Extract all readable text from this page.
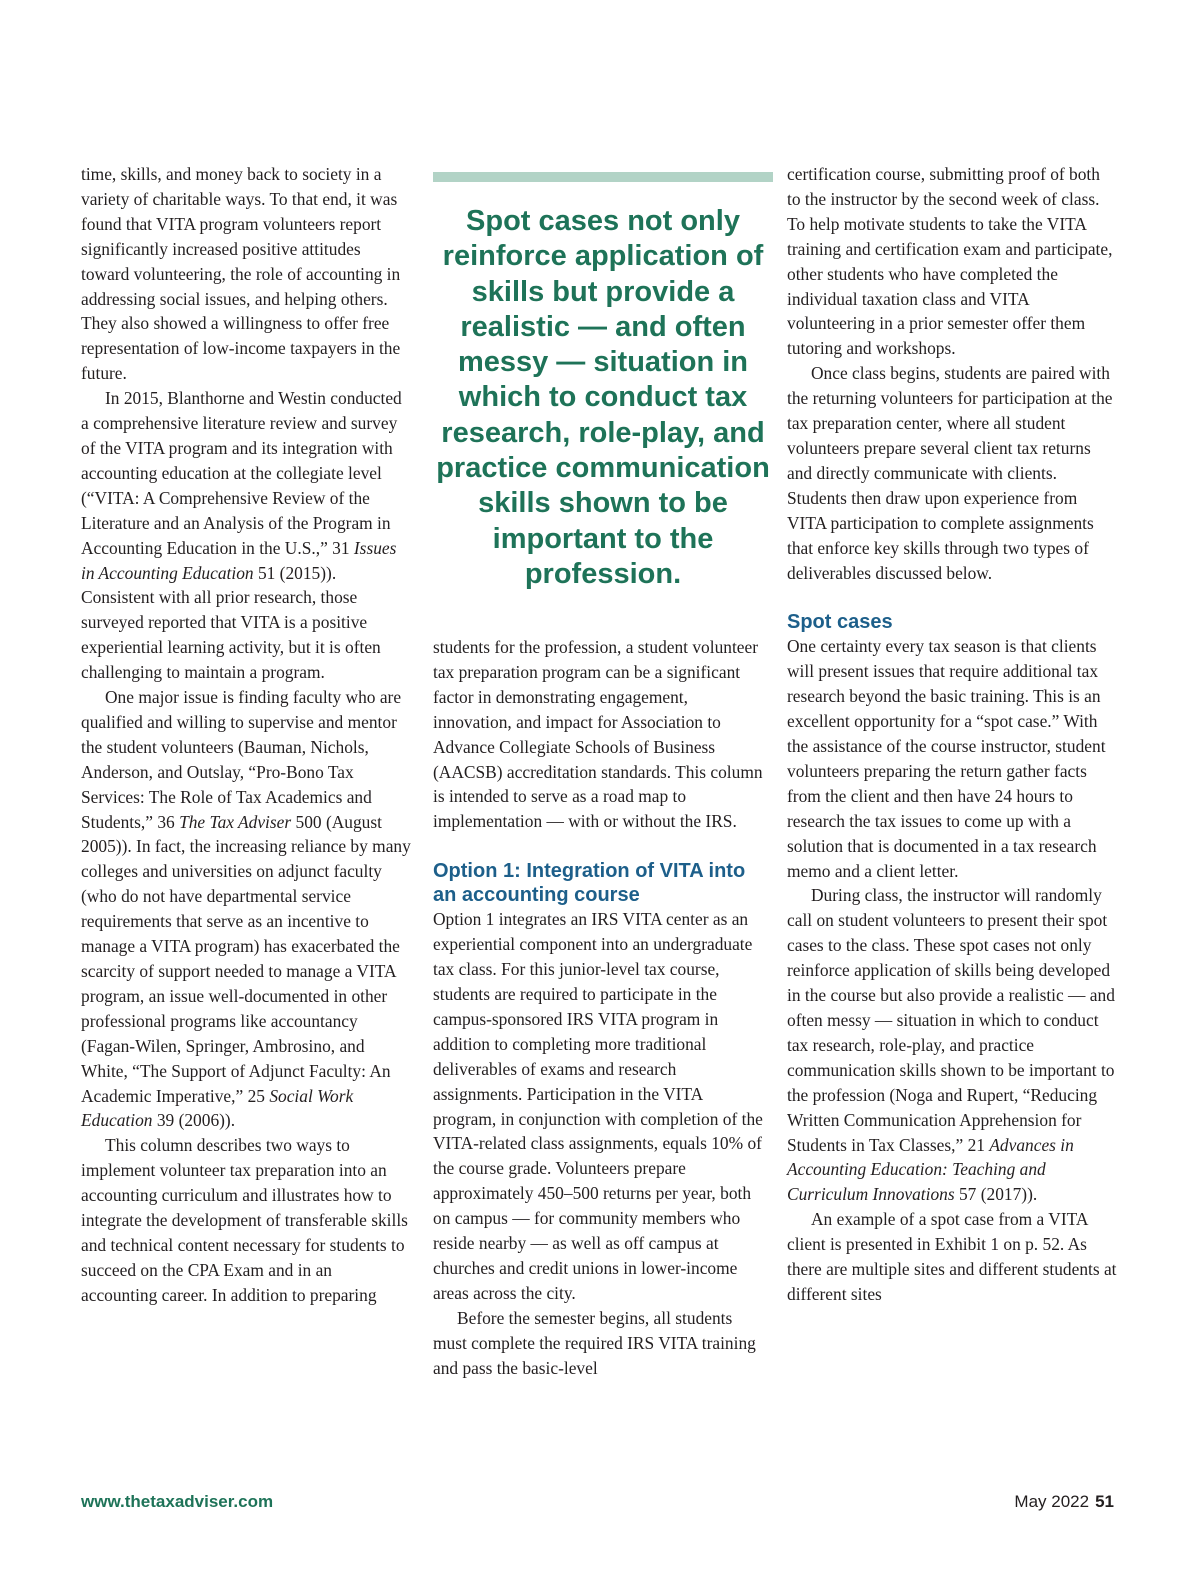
time, skills, and money back to society in a variety of charitable ways. To that end, it was found that VITA program volunteers report significantly increased positive attitudes toward volunteering, the role of accounting in addressing social issues, and helping others. They also showed a willingness to offer free representation of low-income taxpayers in the future.

In 2015, Blanthorne and Westin conducted a comprehensive literature review and survey of the VITA program and its integration with accounting education at the collegiate level (“VITA: A Comprehensive Review of the Literature and an Analysis of the Program in Accounting Education in the U.S.,” 31 Issues in Accounting Education 51 (2015)). Consistent with all prior research, those surveyed reported that VITA is a positive experiential learning activity, but it is often challenging to maintain a program.

One major issue is finding faculty who are qualified and willing to supervise and mentor the student volunteers (Bauman, Nichols, Anderson, and Outslay, “Pro-Bono Tax Services: The Role of Tax Academics and Students,” 36 The Tax Adviser 500 (August 2005)). In fact, the increasing reliance by many colleges and universities on adjunct faculty (who do not have departmental service requirements that serve as an incentive to manage a VITA program) has exacerbated the scarcity of support needed to manage a VITA program, an issue well-documented in other professional programs like accountancy (Fagan-Wilen, Springer, Ambrosino, and White, “The Support of Adjunct Faculty: An Academic Imperative,” 25 Social Work Education 39 (2006)).

This column describes two ways to implement volunteer tax preparation into an accounting curriculum and illustrates how to integrate the development of transferable skills and technical content necessary for students to succeed on the CPA Exam and in an accounting career. In addition to preparing

Spot cases not only reinforce application of skills but provide a realistic — and often messy — situation in which to conduct tax research, role-play, and practice communication skills shown to be important to the profession.

students for the profession, a student volunteer tax preparation program can be a significant factor in demonstrating engagement, innovation, and impact for Association to Advance Collegiate Schools of Business (AACSB) accreditation standards. This column is intended to serve as a road map to implementation — with or without the IRS.

Option 1: Integration of VITA into an accounting course

Option 1 integrates an IRS VITA center as an experiential component into an undergraduate tax class. For this junior-level tax course, students are required to participate in the campus-sponsored IRS VITA program in addition to completing more traditional deliverables of exams and research assignments. Participation in the VITA program, in conjunction with completion of the VITA-related class assignments, equals 10% of the course grade. Volunteers prepare approximately 450–500 returns per year, both on campus — for community members who reside nearby — as well as off campus at churches and credit unions in lower-income areas across the city.

Before the semester begins, all students must complete the required IRS VITA training and pass the basic-level

certification course, submitting proof of both to the instructor by the second week of class. To help motivate students to take the VITA training and certification exam and participate, other students who have completed the individual taxation class and VITA volunteering in a prior semester offer them tutoring and workshops.

Once class begins, students are paired with the returning volunteers for participation at the tax preparation center, where all student volunteers prepare several client tax returns and directly communicate with clients. Students then draw upon experience from VITA participation to complete assignments that enforce key skills through two types of deliverables discussed below.

Spot cases

One certainty every tax season is that clients will present issues that require additional tax research beyond the basic training. This is an excellent opportunity for a “spot case.” With the assistance of the course instructor, student volunteers preparing the return gather facts from the client and then have 24 hours to research the tax issues to come up with a solution that is documented in a tax research memo and a client letter.

During class, the instructor will randomly call on student volunteers to present their spot cases to the class. These spot cases not only reinforce application of skills being developed in the course but also provide a realistic — and often messy — situation in which to conduct tax research, role-play, and practice communication skills shown to be important to the profession (Noga and Rupert, “Reducing Written Communication Apprehension for Students in Tax Classes,” 21 Advances in Accounting Education: Teaching and Curriculum Innovations 57 (2017)).

An example of a spot case from a VITA client is presented in Exhibit 1 on p. 52. As there are multiple sites and different students at different sites

www.thetaxadviser.com	May 2022 51
